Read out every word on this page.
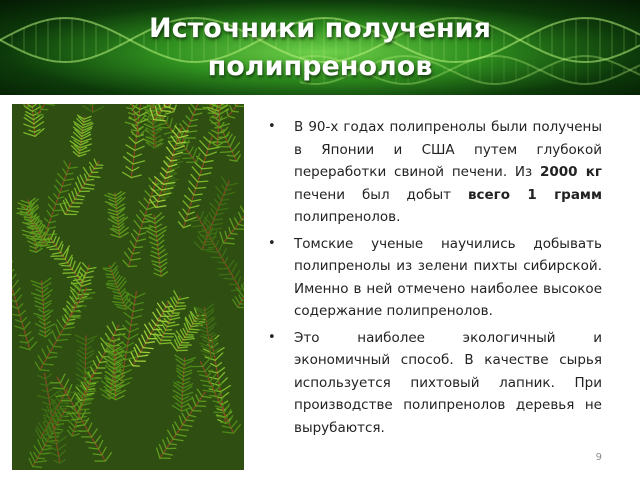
Источники получения
полипренолов
• В 90-х годах полипренолы были получены в Японии и США путем глубокой переработки свиной печени. Из 2000 кг печени был добыт всего 1 грамм полипренолов.
• Томские ученые научились добывать полипренолы из зелени пихты сибирской. Именно в ней отмечено наиболее высокое содержание полипренолов.
• Это наиболее экологичный и экономичный способ. В качестве сырья используется пихтовый лапник. При производстве полипренолов деревья не вырубаются.
9
